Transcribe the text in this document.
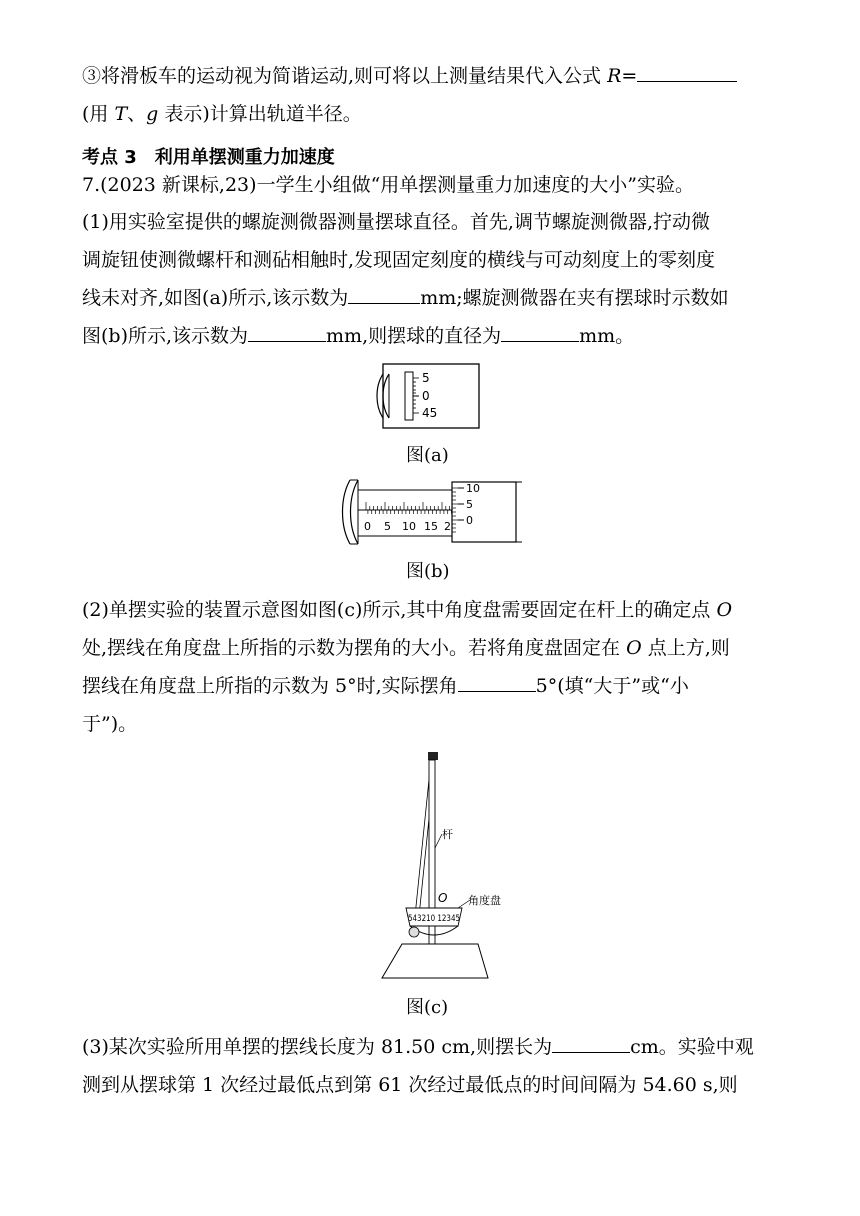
③将滑板车的运动视为简谐运动,则可将以上测量结果代入公式 R=
(用 T、g 表示)计算出轨道半径。
考点 3　利用单摆测重力加速度
7.(2023 新课标,23)一学生小组做“用单摆测量重力加速度的大小”实验。
(1)用实验室提供的螺旋测微器测量摆球直径。首先,调节螺旋测微器,拧动微
调旋钮使测微螺杆和测砧相触时,发现固定刻度的横线与可动刻度上的零刻度
线未对齐,如图(a)所示,该示数为	mm;螺旋测微器在夹有摆球时示数如
图(b)所示,该示数为	mm,则摆球的直径为	mm。
5
0
45
图(a)
0 5 10 15 2
10
5
0
图(b)
(2)单摆实验的装置示意图如图(c)所示,其中角度盘需要固定在杆上的确定点 O
处,摆线在角度盘上所指的示数为摆角的大小。若将角度盘固定在 O 点上方,则
摆线在角度盘上所指的示数为 5°时,实际摆角	5°(填“大于”或“小
于”)。
杆
O
543210 12345
角度盘
图(c)
(3)某次实验所用单摆的摆线长度为 81.50 cm,则摆长为	cm。实验中观
测到从摆球第 1 次经过最低点到第 61 次经过最低点的时间间隔为 54.60 s,则
